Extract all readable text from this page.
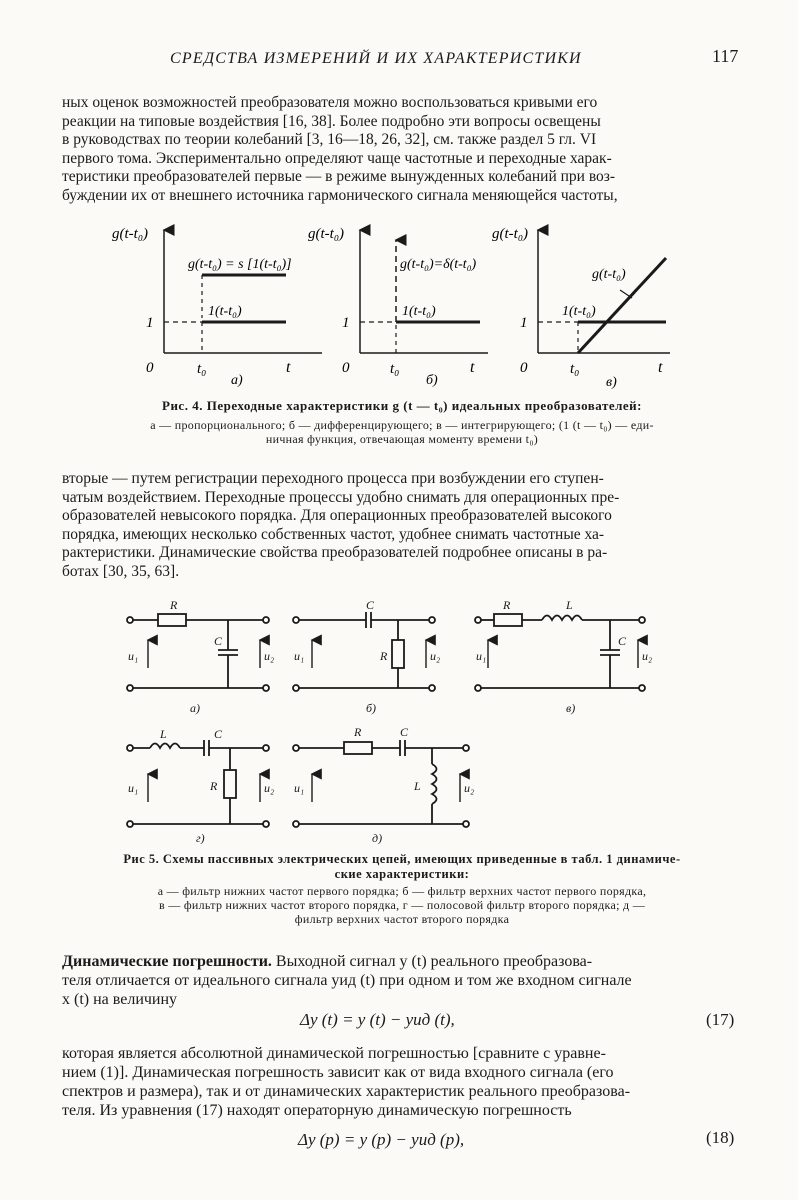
СРЕДСТВА ИЗМЕРЕНИЙ И ИХ ХАРАКТЕРИСТИКИ	117
ных оценок возможностей преобразователя можно воспользоваться кривыми его
реакции на типовые воздействия [16, 38]. Более подробно эти вопросы освещены
в руководствах по теории колебаний [3, 16—18, 26, 32], см. также раздел 5 гл. VI
первого тома. Экспериментально определяют чаще частотные и переходные харак-
теристики преобразователей первые — в режиме вынужденных колебаний при воз-
буждении их от внешнего источника гармонического сигнала меняющейся частоты,
g(t-t₀)
g(t-t₀) = s [1(t-t₀)]
1(t-t₀)
1
0	t₀	t
а)
g(t-t₀)
g(t-t₀)=δ(t-t₀)
1(t-t₀)
1
0	t₀	t
б)
g(t-t₀)
g(t-t₀)
1(t-t₀)
1
0	t₀	t
в)
Рис. 4. Переходные характеристики g (t — t₀) идеальных преобразователей:
а — пропорционального; б — дифференцирующего; в — интегрирующего; (1 (t — t₀) — еди-
ничная функция, отвечающая моменту времени t₀)
вторые — путем регистрации переходного процесса при возбуждении его ступен-
чатым воздействием. Переходные процессы удобно снимать для операционных пре-
образователей невысокого порядка. Для операционных преобразователей высокого
порядка, имеющих несколько собственных частот, удобнее снимать частотные ха-
рактеристики. Динамические свойства преобразователей подробнее описаны в ра-
ботах [30, 35, 63].
R
C
u₁	u₂
а)
C
R
u₁	u₂
б)
R	L
C
u₁	u₂
в)
L	C
R
u₁	u₂
г)
R	C
L
u₁	u₂
д)
Рис 5. Схемы пассивных электрических цепей, имеющих приведенные в табл. 1 динамиче-
ские характеристики:
а — фильтр нижних частот первого порядка; б — фильтр верхних частот первого порядка,
в — фильтр нижних частот второго порядка, г — полосовой фильтр второго порядка; д —
фильтр верхних частот второго порядка
Динамические погрешности. Выходной сигнал y (t) реального преобразова-
теля отличается от идеального сигнала yид (t) при одном и том же входном сигнале
x (t) на величину
Δy (t) = y (t) − yид (t),	(17)
которая является абсолютной динамической погрешностью [сравните с уравне-
нием (1)]. Динамическая погрешность зависит как от вида входного сигнала (его
спектров и размера), так и от динамических характеристик реального преобразова-
теля. Из уравнения (17) находят операторную динамическую погрешность
Δy (p) = y (p) − yид (p),	(18)
